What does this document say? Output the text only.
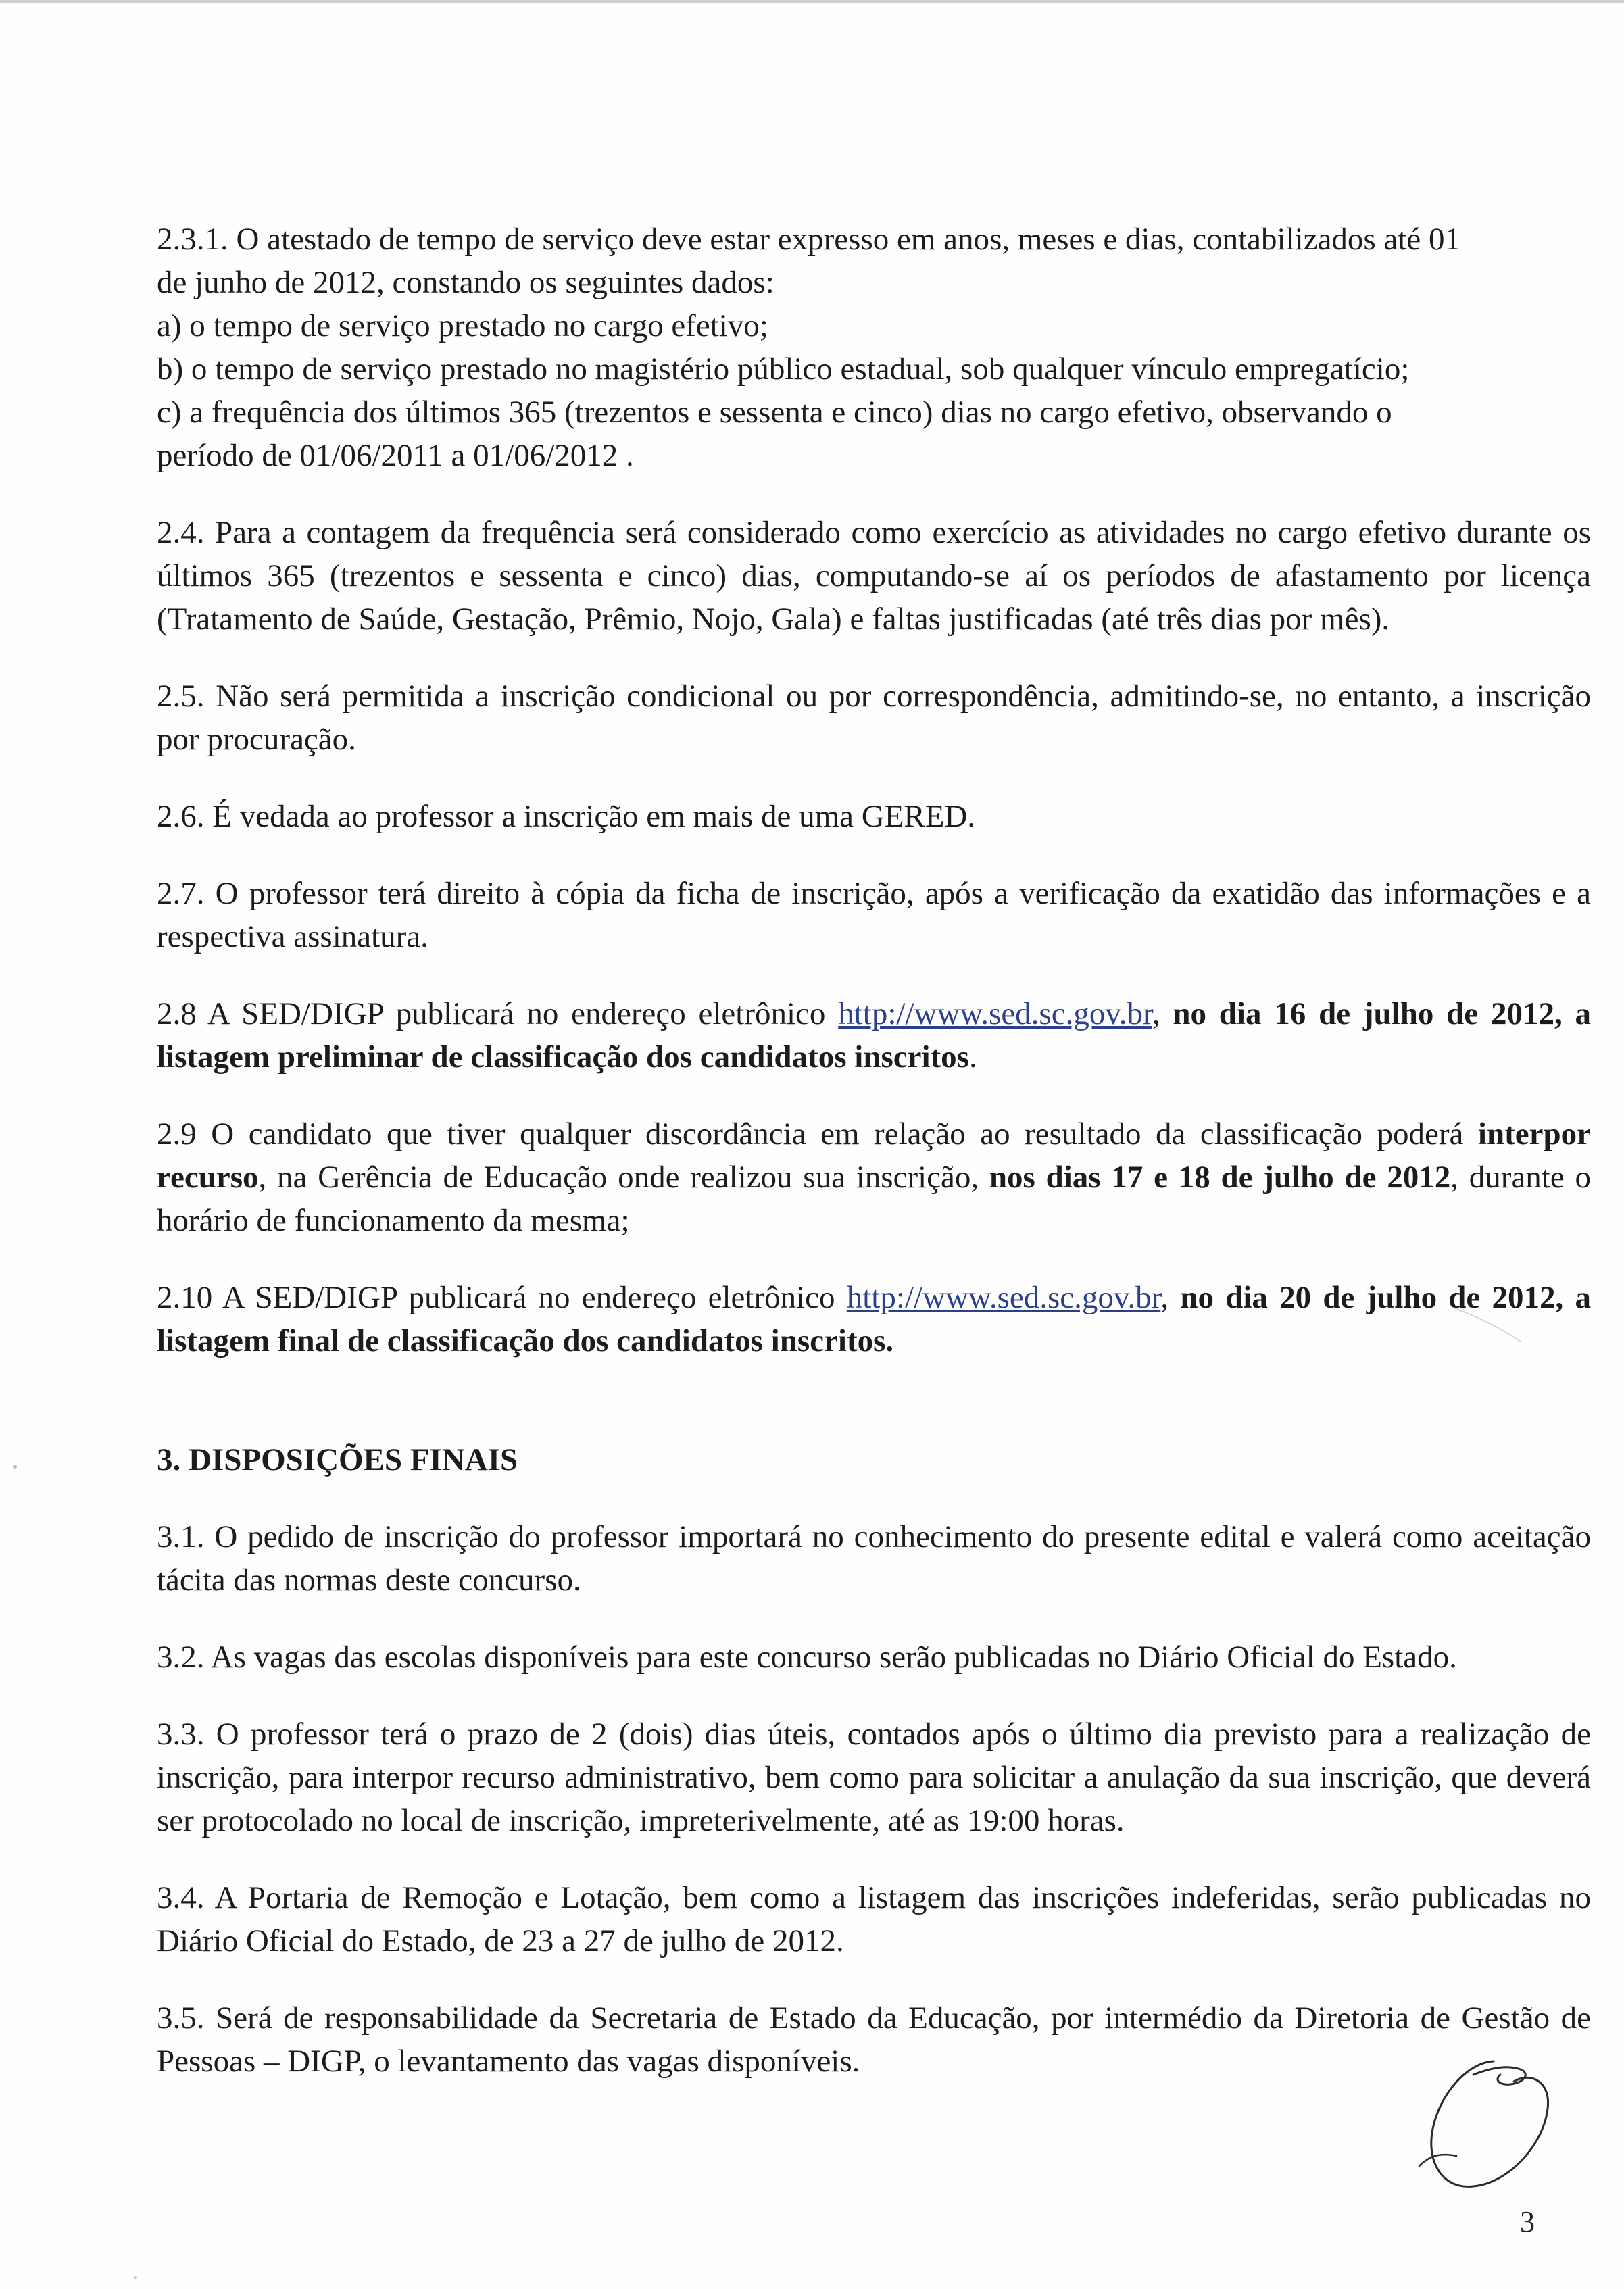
2.3.1. O atestado de tempo de serviço deve estar expresso em anos, meses e dias, contabilizados até 01
de junho de 2012, constando os seguintes dados:
a) o tempo de serviço prestado no cargo efetivo;
b) o tempo de serviço prestado no magistério público estadual, sob qualquer vínculo empregatício;
c) a frequência dos últimos 365 (trezentos e sessenta e cinco) dias no cargo efetivo, observando o
período de 01/06/2011 a 01/06/2012 .

2.4. Para a contagem da frequência será considerado como exercício as atividades no cargo efetivo durante os últimos 365 (trezentos e sessenta e cinco) dias, computando-se aí os períodos de afastamento por licença (Tratamento de Saúde, Gestação, Prêmio, Nojo, Gala) e faltas justificadas (até três dias por mês).

2.5. Não será permitida a inscrição condicional ou por correspondência, admitindo-se, no entanto, a inscrição por procuração.

2.6. É vedada ao professor a inscrição em mais de uma GERED.

2.7. O professor terá direito à cópia da ficha de inscrição, após a verificação da exatidão das informações e a respectiva assinatura.

2.8 A SED/DIGP publicará no endereço eletrônico http://www.sed.sc.gov.br, no dia 16 de julho de 2012, a listagem preliminar de classificação dos candidatos inscritos.

2.9 O candidato que tiver qualquer discordância em relação ao resultado da classificação poderá interpor recurso, na Gerência de Educação onde realizou sua inscrição, nos dias 17 e 18 de julho de 2012, durante o horário de funcionamento da mesma;

2.10 A SED/DIGP publicará no endereço eletrônico http://www.sed.sc.gov.br, no dia 20 de julho de 2012, a listagem final de classificação dos candidatos inscritos.

3. DISPOSIÇÕES FINAIS

3.1. O pedido de inscrição do professor importará no conhecimento do presente edital e valerá como aceitação tácita das normas deste concurso.

3.2. As vagas das escolas disponíveis para este concurso serão publicadas no Diário Oficial do Estado.

3.3. O professor terá o prazo de 2 (dois) dias úteis, contados após o último dia previsto para a realização de inscrição, para interpor recurso administrativo, bem como para solicitar a anulação da sua inscrição, que deverá ser protocolado no local de inscrição, impreterivelmente, até as 19:00 horas.

3.4. A Portaria de Remoção e Lotação, bem como a listagem das inscrições indeferidas, serão publicadas no Diário Oficial do Estado, de 23 a 27 de julho de 2012.

3.5. Será de responsabilidade da Secretaria de Estado da Educação, por intermédio da Diretoria de Gestão de Pessoas – DIGP, o levantamento das vagas disponíveis.

3
